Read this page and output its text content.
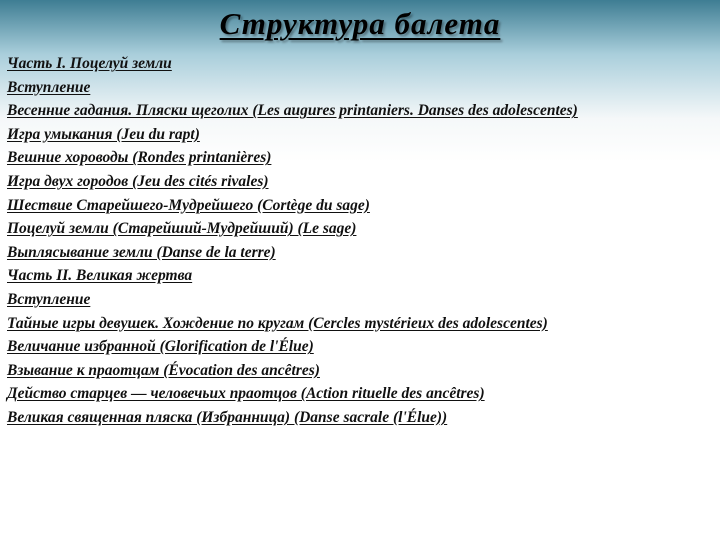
Структура балета
Часть I. Поцелуй земли
Вступление
Весенние гадания. Пляски щеголих (Les augures printaniers. Danses des adolescentes)
Игра умыкания (Jeu du rapt)
Вешние хороводы (Rondes printanières)
Игра двух городов (Jeu des cités rivales)
Шествие Старейшего-Мудрейшего (Cortège du sage)
Поцелуй земли (Старейший-Мудрейший) (Le sage)
Выплясывание земли (Danse de la terre)
Часть II. Великая жертва
Вступление
Тайные игры девушек. Хождение по кругам (Cercles mystérieux des adolescentes)
Величание избранной (Glorification de l'Élue)
Взывание к праотцам (Évocation des ancêtres)
Действо старцев — человечьих праотцов (Action rituelle des ancêtres)
Великая священная пляска (Избранница) (Danse sacrale (l'Élue))
